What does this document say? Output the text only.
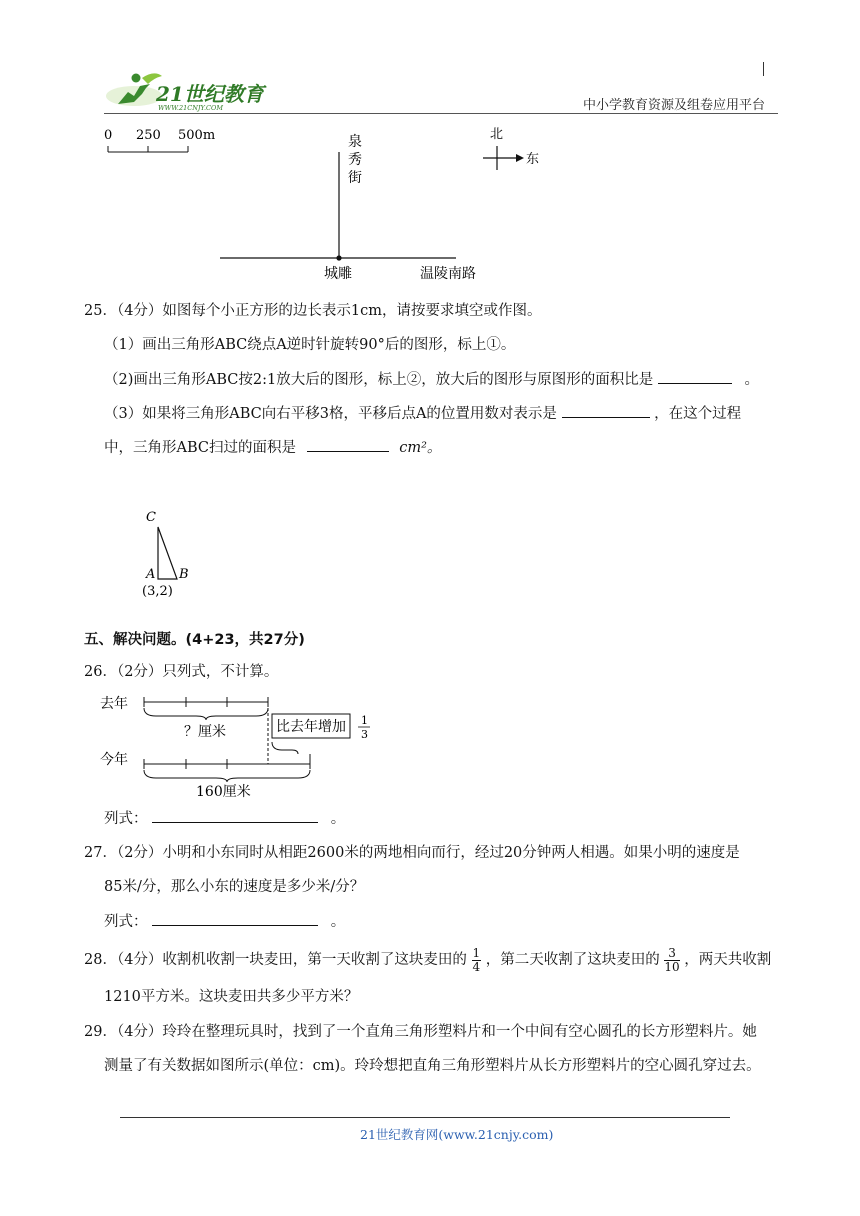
21世纪教育
WWW.21CNJY.COM	中小学教育资源及组卷应用平台
0 250 500m	泉
秀
街
城雕	温陵南路
北
东
25．（4分）如图每个小正方形的边长表示1cm，请按要求填空或作图。
（1）画出三角形ABC绕点A逆时针旋转90°后的图形，标上①。
（2)画出三角形ABC按2:1放大后的图形，标上②，放大后的图形与原图形的面积比是	。
（3）如果将三角形ABC向右平移3格，平移后点A的位置用数对表示是	，在这个过程
中，三角形ABC扫过的面积是	cm²。
C
A B
(3,2)
五、解决问题。(4+23，共27分)
26．（2分）只列式，不计算。
去年
？厘米	比去年增加 1
3
今年
160厘米
列式：	。
27．（2分）小明和小东同时从相距2600米的两地相向而行，经过20分钟两人相遇。如果小明的速度是
85米/分，那么小东的速度是多少米/分？
列式：	。
28．（4分）收割机收割一块麦田，第一天收割了这块麦田的 $\frac{1}{4}$ ，第二天收割了这块麦田的 $\frac{3}{10}$ ，两天共收割
1210平方米。这块麦田共多少平方米？
29．（4分）玲玲在整理玩具时，找到了一个直角三角形塑料片和一个中间有空心圆孔的长方形塑料片。她
测量了有关数据如图所示(单位：cm)。玲玲想把直角三角形塑料片从长方形塑料片的空心圆孔穿过去。
21世纪教育网(www.21cnjy.com)
